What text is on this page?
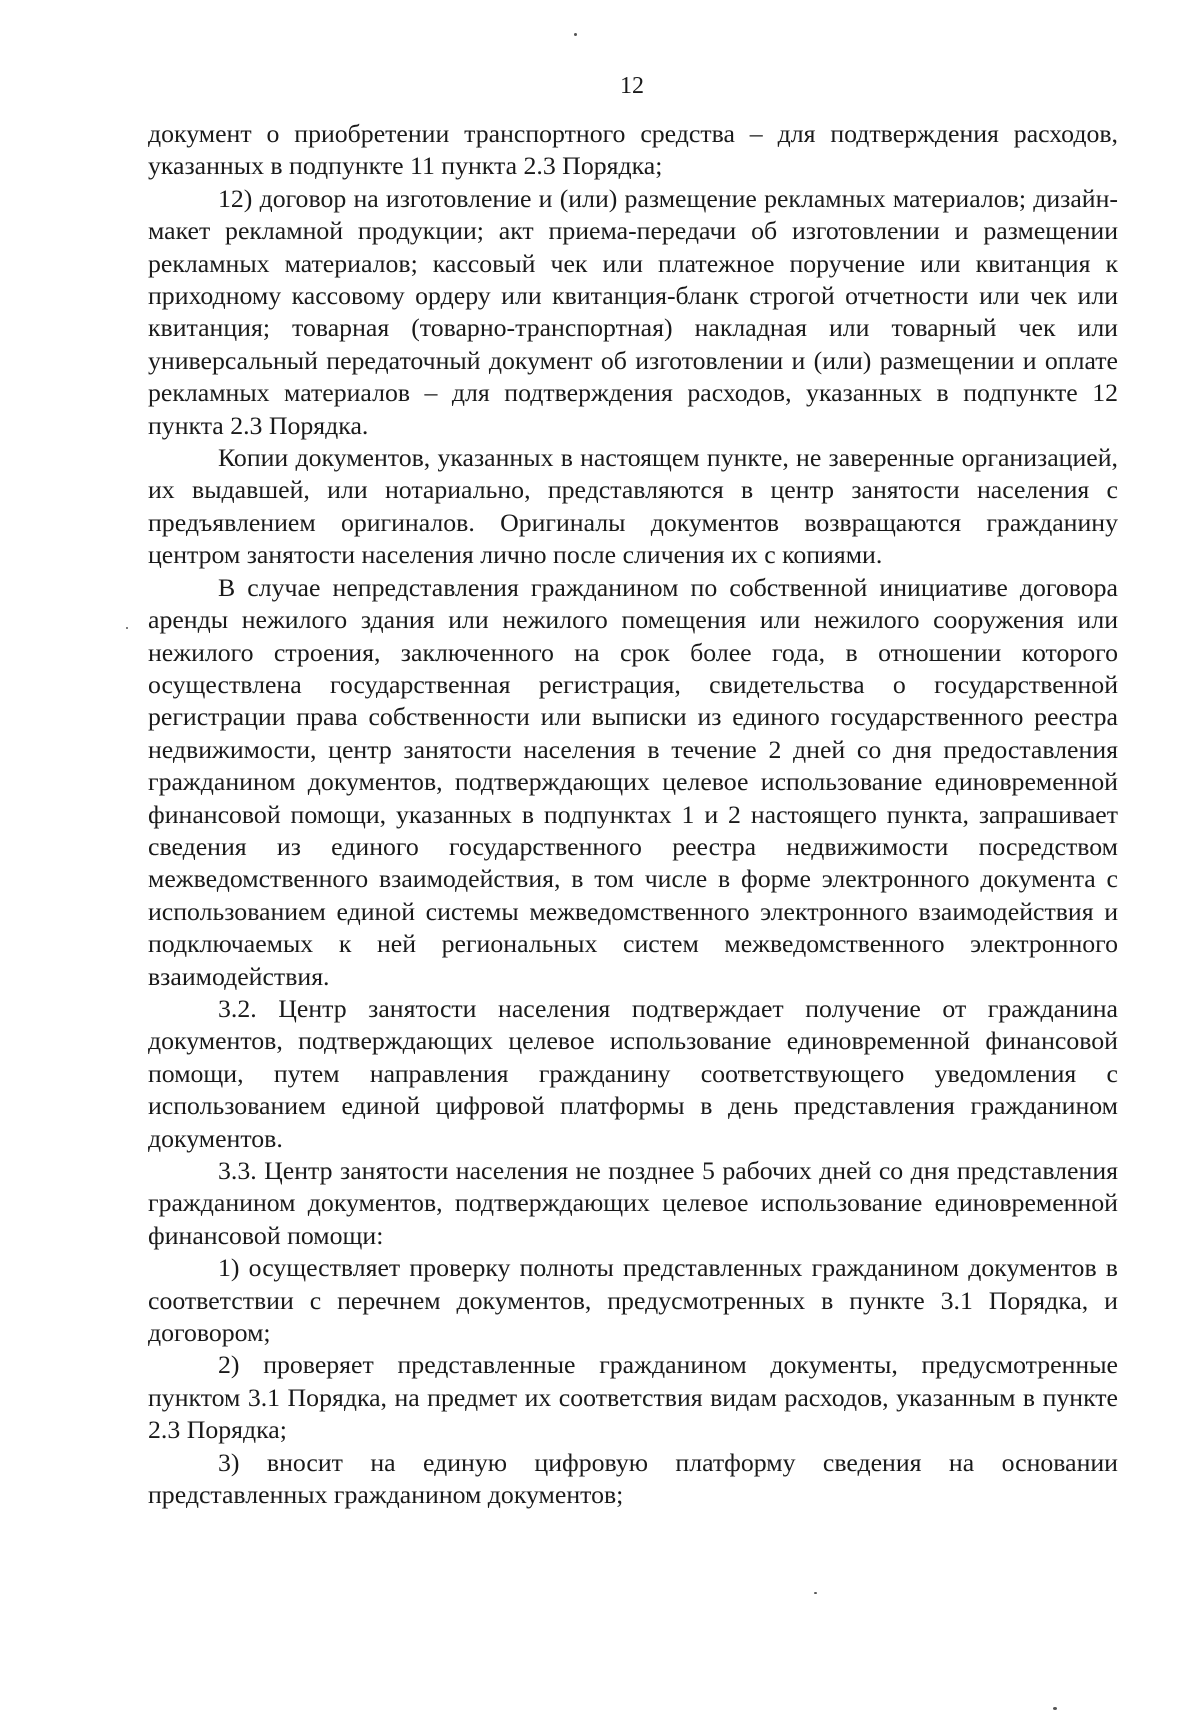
12

документ о приобретении транспортного средства – для подтверждения расходов, указанных в подпункте 11 пункта 2.3 Порядка;

12) договор на изготовление и (или) размещение рекламных материалов; дизайн-макет рекламной продукции; акт приема-передачи об изготовлении и размещении рекламных материалов; кассовый чек или платежное поручение или квитанция к приходному кассовому ордеру или квитанция-бланк строгой отчетности или чек или квитанция; товарная (товарно-транспортная) накладная или товарный чек или универсальный передаточный документ об изготовлении и (или) размещении и оплате рекламных материалов – для подтверждения расходов, указанных в подпункте 12 пункта 2.3 Порядка.

Копии документов, указанных в настоящем пункте, не заверенные организацией, их выдавшей, или нотариально, представляются в центр занятости населения с предъявлением оригиналов. Оригиналы документов возвращаются гражданину центром занятости населения лично после сличения их с копиями.

В случае непредставления гражданином по собственной инициативе договора аренды нежилого здания или нежилого помещения или нежилого сооружения или нежилого строения, заключенного на срок более года, в отношении которого осуществлена государственная регистрация, свидетельства о государственной регистрации права собственности или выписки из единого государственного реестра недвижимости, центр занятости населения в течение 2 дней со дня предоставления гражданином документов, подтверждающих целевое использование единовременной финансовой помощи, указанных в подпунктах 1 и 2 настоящего пункта, запрашивает сведения из единого государственного реестра недвижимости посредством межведомственного взаимодействия, в том числе в форме электронного документа с использованием единой системы межведомственного электронного взаимодействия и подключаемых к ней региональных систем межведомственного электронного взаимодействия.

3.2. Центр занятости населения подтверждает получение от гражданина документов, подтверждающих целевое использование единовременной финансовой помощи, путем направления гражданину соответствующего уведомления с использованием единой цифровой платформы в день представления гражданином документов.

3.3. Центр занятости населения не позднее 5 рабочих дней со дня представления гражданином документов, подтверждающих целевое использование единовременной финансовой помощи:

1) осуществляет проверку полноты представленных гражданином документов в соответствии с перечнем документов, предусмотренных в пункте 3.1 Порядка, и договором;

2) проверяет представленные гражданином документы, предусмотренные пунктом 3.1 Порядка, на предмет их соответствия видам расходов, указанным в пункте 2.3 Порядка;

3) вносит на единую цифровую платформу сведения на основании представленных гражданином документов;
